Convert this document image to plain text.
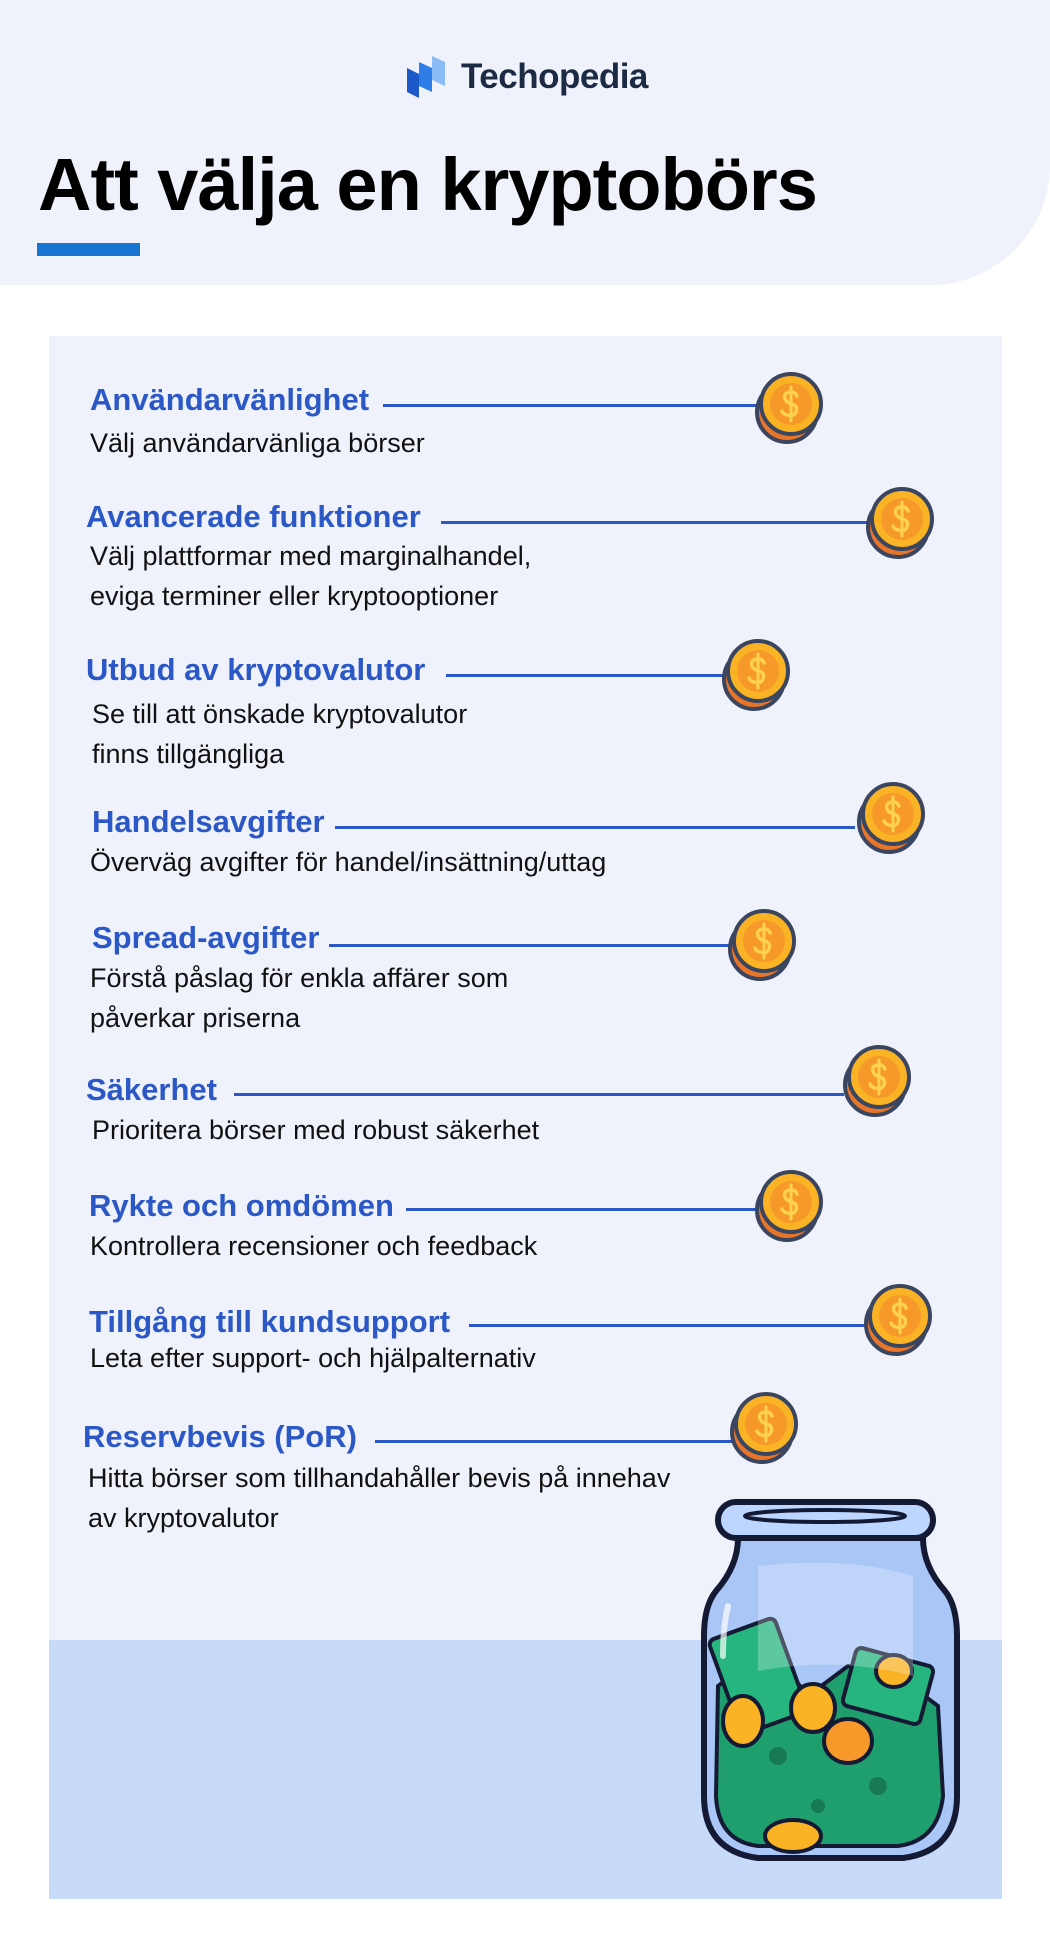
Techopedia
Att välja en kryptobörs
Användarvänlighet
Välj användarvänliga börser
Avancerade funktioner
Välj plattformar med marginalhandel,
eviga terminer eller kryptooptioner
Utbud av kryptovalutor
Se till att önskade kryptovalutor
finns tillgängliga
Handelsavgifter
Överväg avgifter för handel/insättning/uttag
Spread-avgifter
Förstå påslag för enkla affärer som
påverkar priserna
Säkerhet
Prioritera börser med robust säkerhet
Rykte och omdömen
Kontrollera recensioner och feedback
Tillgång till kundsupport
Leta efter support- och hjälpalternativ
Reservbevis (PoR)
Hitta börser som tillhandahåller bevis på innehav
av kryptovalutor
